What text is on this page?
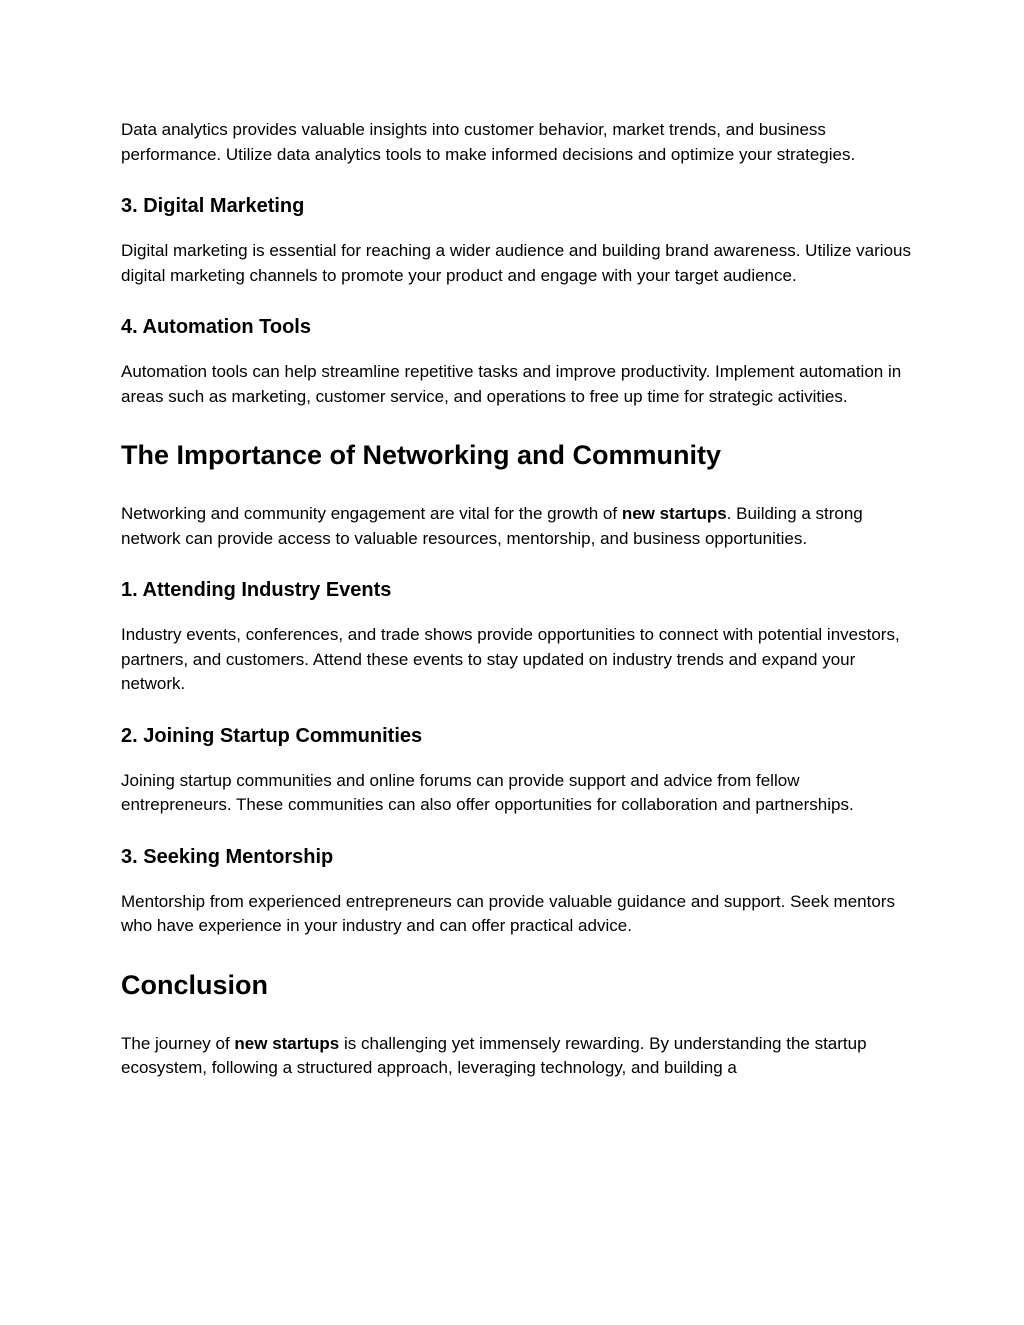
Data analytics provides valuable insights into customer behavior, market trends, and business performance. Utilize data analytics tools to make informed decisions and optimize your strategies.

3. Digital Marketing

Digital marketing is essential for reaching a wider audience and building brand awareness. Utilize various digital marketing channels to promote your product and engage with your target audience.

4. Automation Tools

Automation tools can help streamline repetitive tasks and improve productivity. Implement automation in areas such as marketing, customer service, and operations to free up time for strategic activities.

The Importance of Networking and Community

Networking and community engagement are vital for the growth of new startups. Building a strong network can provide access to valuable resources, mentorship, and business opportunities.

1. Attending Industry Events

Industry events, conferences, and trade shows provide opportunities to connect with potential investors, partners, and customers. Attend these events to stay updated on industry trends and expand your network.

2. Joining Startup Communities

Joining startup communities and online forums can provide support and advice from fellow entrepreneurs. These communities can also offer opportunities for collaboration and partnerships.

3. Seeking Mentorship

Mentorship from experienced entrepreneurs can provide valuable guidance and support. Seek mentors who have experience in your industry and can offer practical advice.

Conclusion

The journey of new startups is challenging yet immensely rewarding. By understanding the startup ecosystem, following a structured approach, leveraging technology, and building a
